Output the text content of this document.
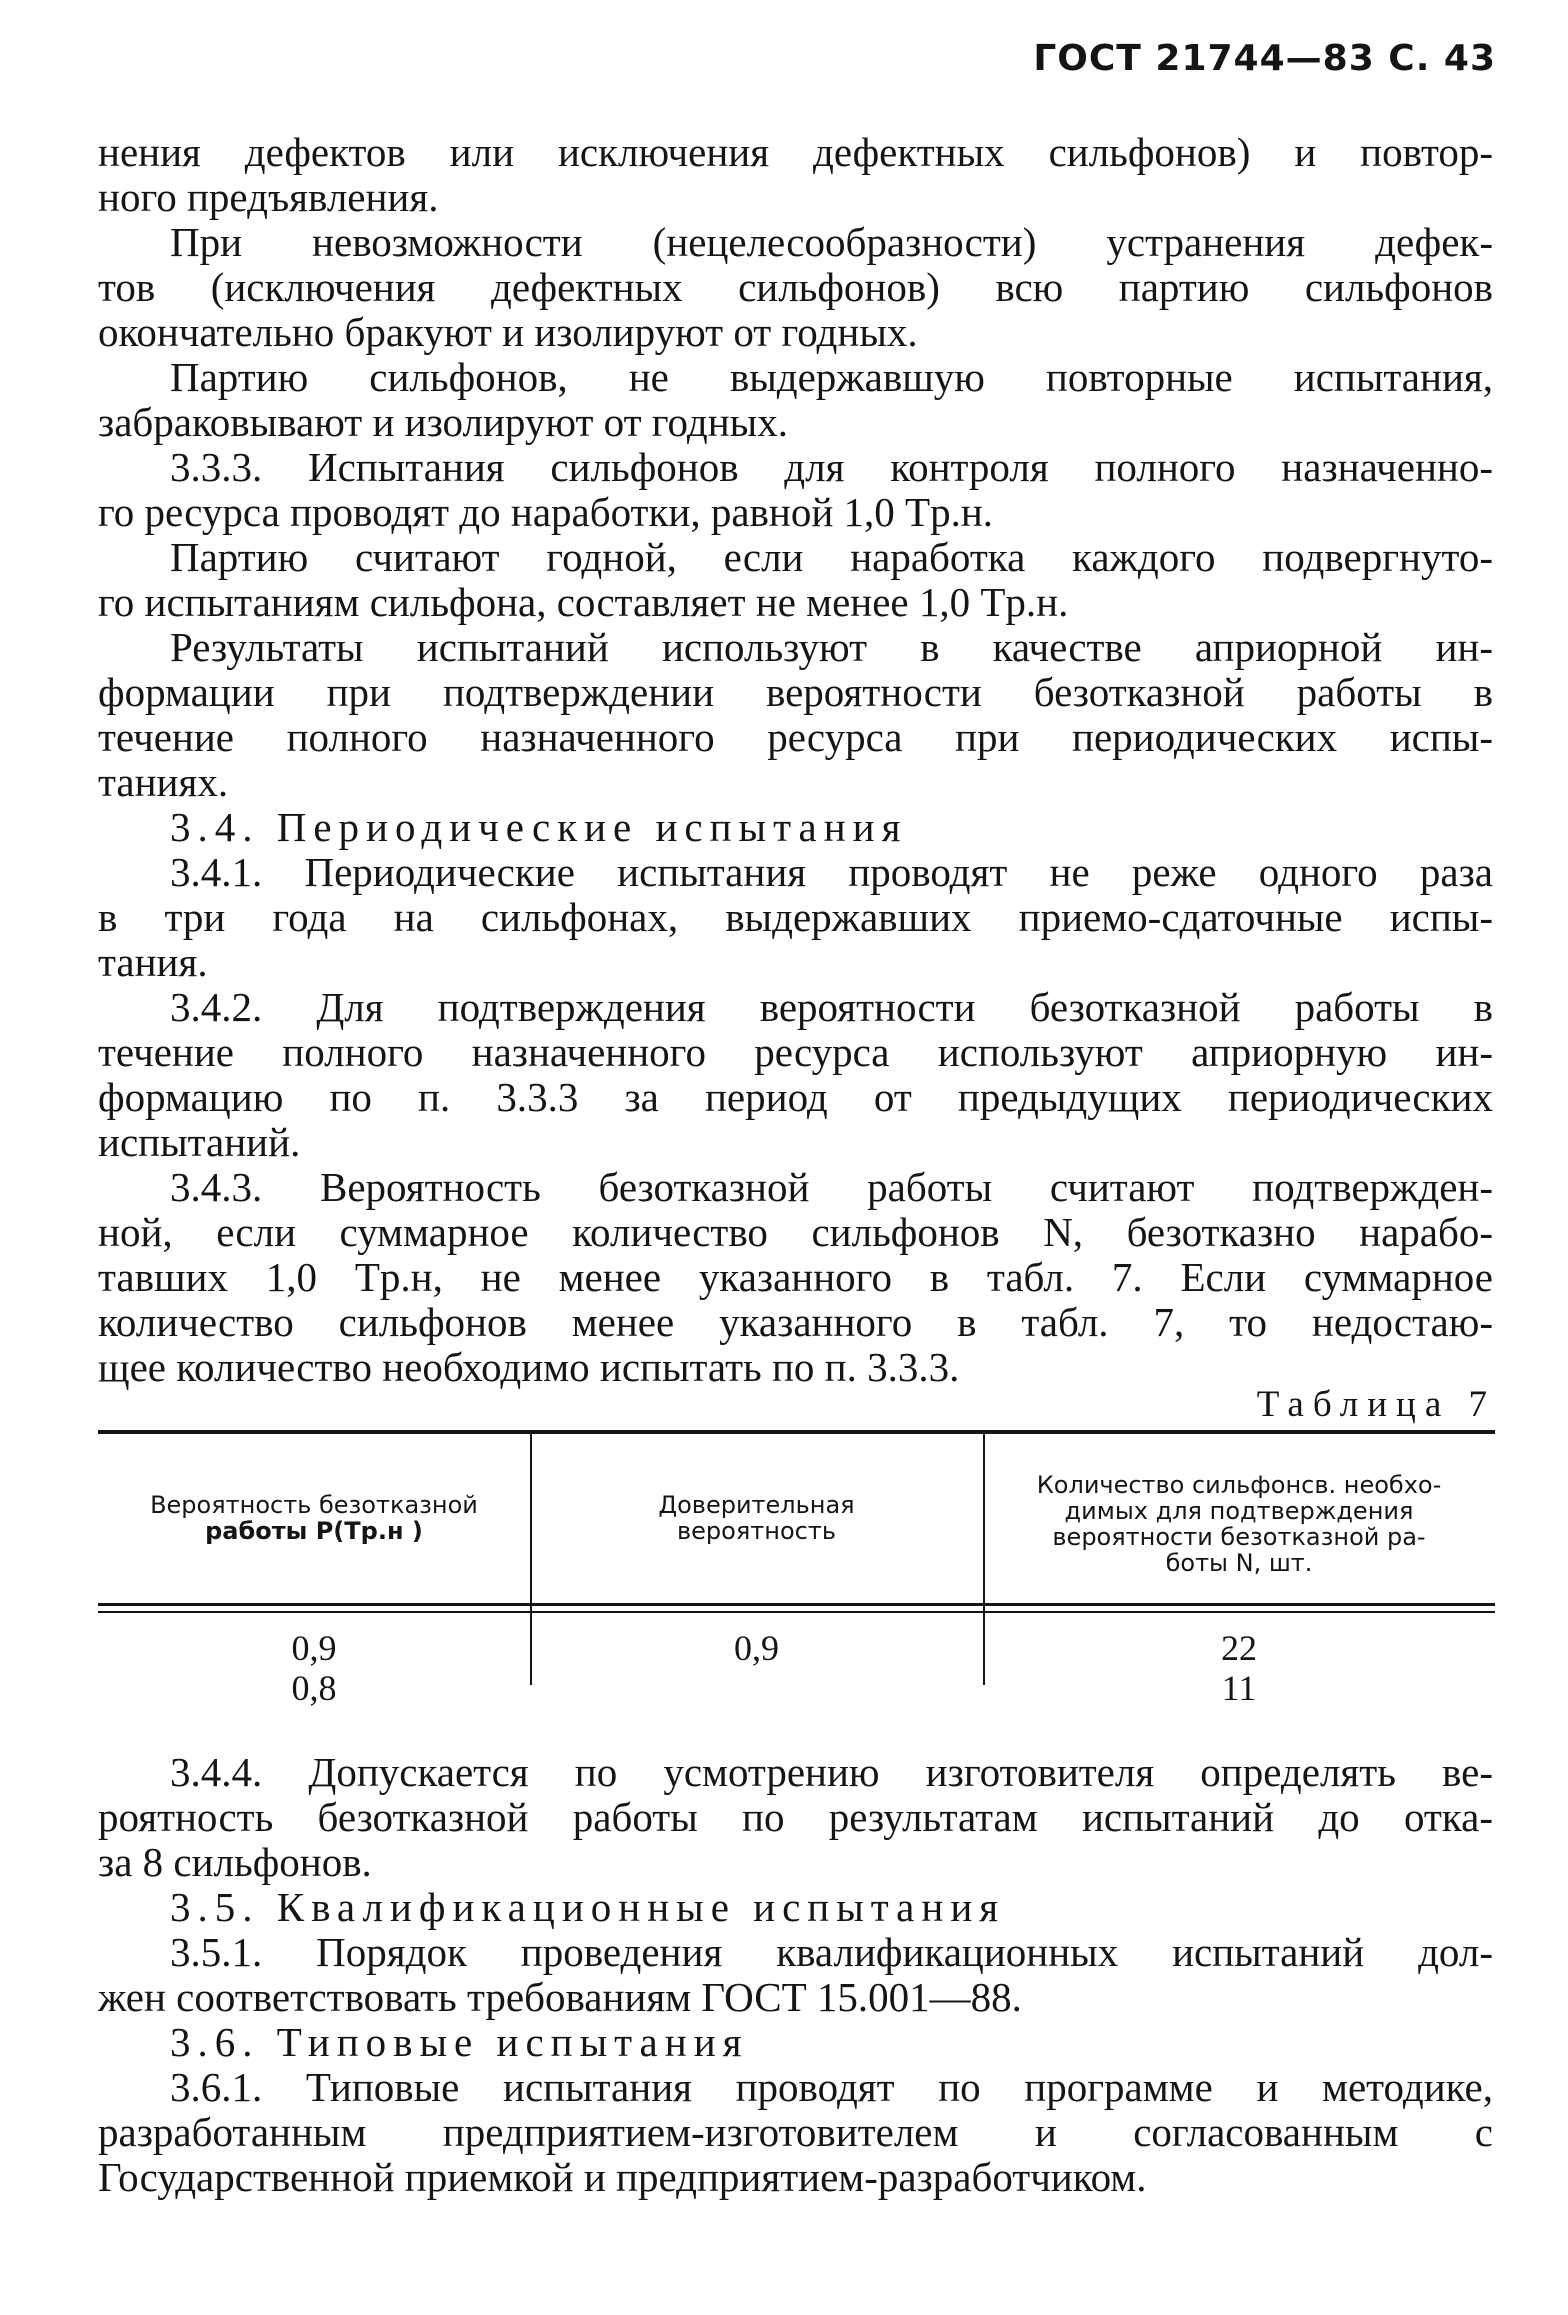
ГОСТ 21744—83 С. 43
нения дефектов или исключения дефектных сильфонов) и повтор-
ного предъявления.
При невозможности (нецелесообразности) устранения дефек-
тов (исключения дефектных сильфонов) всю партию сильфонов
окончательно бракуют и изолируют от годных.
Партию сильфонов, не выдержавшую повторные испытания,
забраковывают и изолируют от годных.
3.3.3. Испытания сильфонов для контроля полного назначенно-
го ресурса проводят до наработки, равной 1,0 Tр.н.
Партию считают годной, если наработка каждого подвергнуто-
го испытаниям сильфона, составляет не менее 1,0 Tр.н.
Результаты испытаний используют в качестве априорной ин-
формации при подтверждении вероятности безотказной работы в
течение полного назначенного ресурса при периодических испы-
таниях.
3.4. Периодические испытания
3.4.1. Периодические испытания проводят не реже одного раза
в три года на сильфонах, выдержавших приемо-сдаточные испы-
тания.
3.4.2. Для подтверждения вероятности безотказной работы в
течение полного назначенного ресурса используют априорную ин-
формацию по п. 3.3.3 за период от предыдущих периодических
испытаний.
3.4.3. Вероятность безотказной работы считают подтвержден-
ной, если суммарное количество сильфонов N, безотказно нарабо-
тавших 1,0 Tр.н, не менее указанного в табл. 7. Если суммарное
количество сильфонов менее указанного в табл. 7, то недостаю-
щее количество необходимо испытать по п. 3.3.3.
Таблица 7
Вероятность безотказной
работы P(Tр.н )
Доверительная
вероятность
Количество сильфонсв. необхо-
димых для подтверждения
вероятности безотказной ра-
боты N, шт.
0,9
0,8
0,9	22
11
3.4.4. Допускается по усмотрению изготовителя определять ве-
роятность безотказной работы по результатам испытаний до отка-
за 8 сильфонов.
3.5. Квалификационные испытания
3.5.1. Порядок проведения квалификационных испытаний дол-
жен соответствовать требованиям ГОСТ 15.001—88.
3.6. Типовые испытания
3.6.1. Типовые испытания проводят по программе и методике,
разработанным предприятием-изготовителем и согласованным с
Государственной приемкой и предприятием-разработчиком.
